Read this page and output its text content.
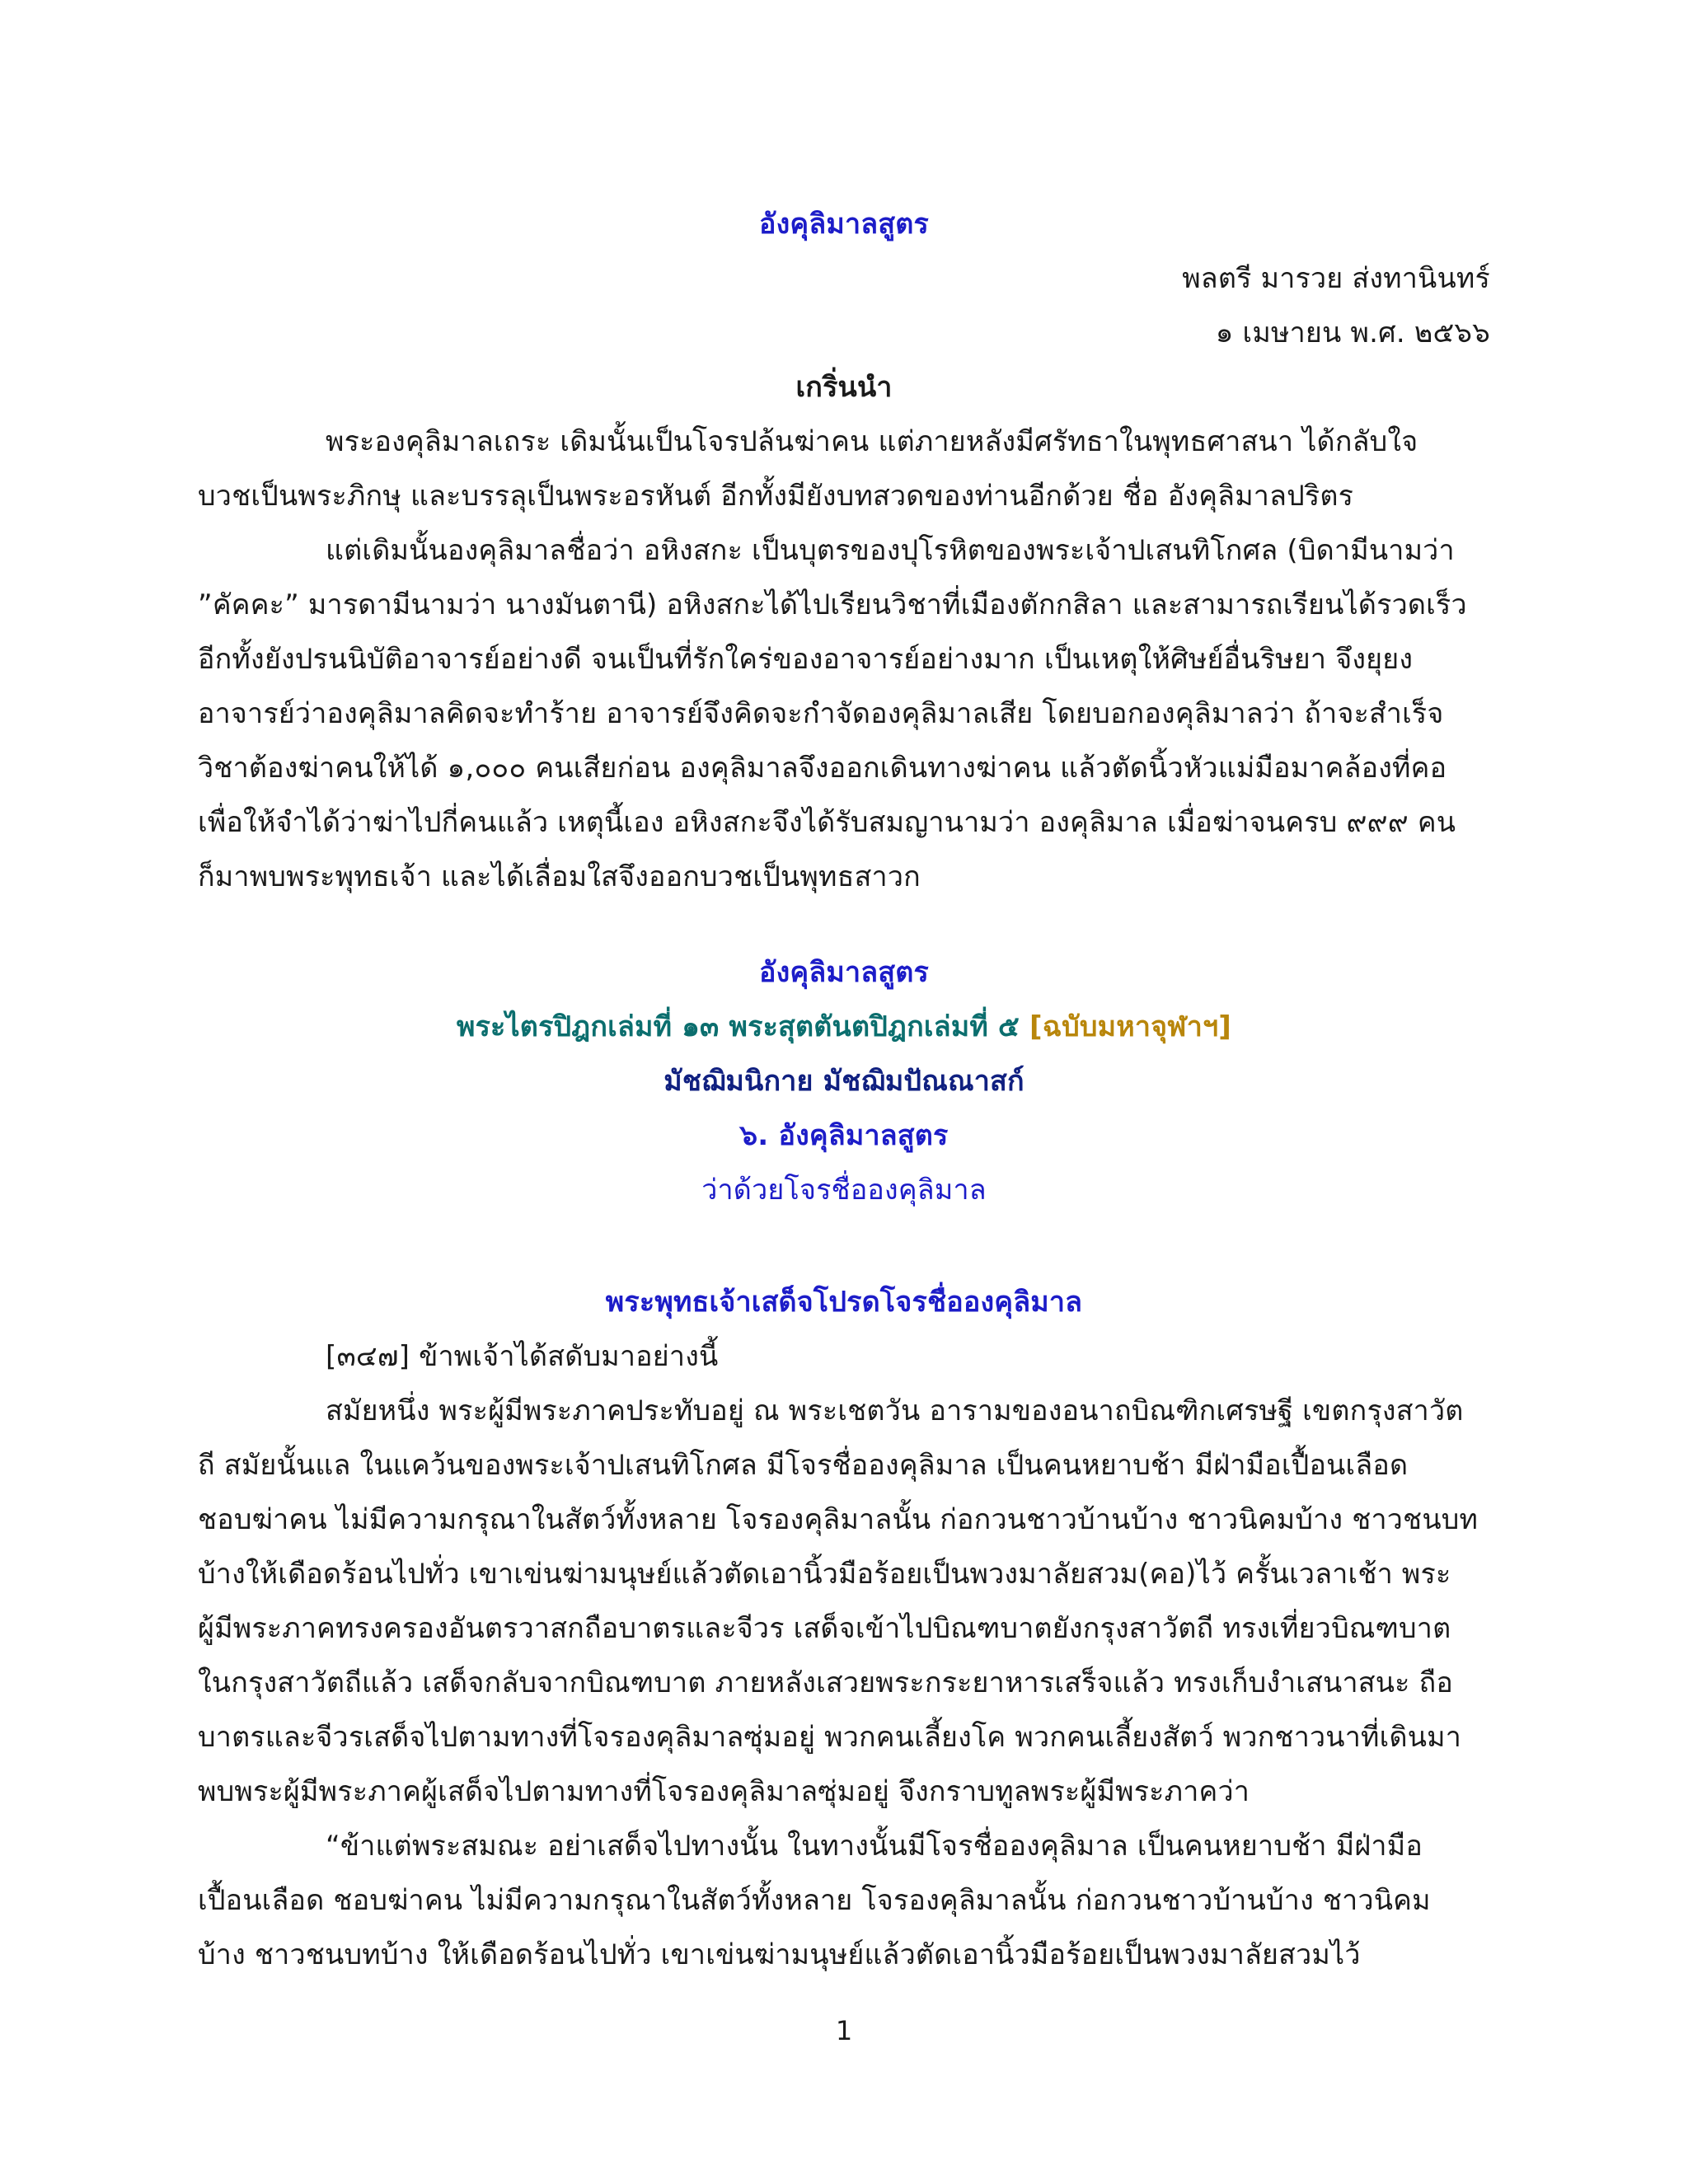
อังคุลิมาลสูตร
พลตรี มารวย ส่งทานินทร์
๑ เมษายน พ.ศ. ๒๕๖๖
เกริ่นนำ
พระองคุลิมาลเถระ เดิมนั้นเป็นโจรปล้นฆ่าคน แต่ภายหลังมีศรัทธาในพุทธศาสนา ได้กลับใจ
บวชเป็นพระภิกษุ และบรรลุเป็นพระอรหันต์ อีกทั้งมียังบทสวดของท่านอีกด้วย ชื่อ อังคุลิมาลปริตร
แต่เดิมนั้นองคุลิมาลชื่อว่า อหิงสกะ เป็นบุตรของปุโรหิตของพระเจ้าปเสนทิโกศล (บิดามีนามว่า
”คัคคะ” มารดามีนามว่า นางมันตานี) อหิงสกะได้ไปเรียนวิชาที่เมืองตักกสิลา และสามารถเรียนได้รวดเร็ว
อีกทั้งยังปรนนิบัติอาจารย์อย่างดี จนเป็นที่รักใคร่ของอาจารย์อย่างมาก เป็นเหตุให้ศิษย์อื่นริษยา จึงยุยง
อาจารย์ว่าองคุลิมาลคิดจะทำร้าย อาจารย์จึงคิดจะกำจัดองคุลิมาลเสีย โดยบอกองคุลิมาลว่า ถ้าจะสำเร็จ
วิชาต้องฆ่าคนให้ได้ ๑,๐๐๐ คนเสียก่อน องคุลิมาลจึงออกเดินทางฆ่าคน แล้วตัดนิ้วหัวแม่มือมาคล้องที่คอ
เพื่อให้จำได้ว่าฆ่าไปกี่คนแล้ว เหตุนี้เอง อหิงสกะจึงได้รับสมญานามว่า องคุลิมาล เมื่อฆ่าจนครบ ๙๙๙ คน
ก็มาพบพระพุทธเจ้า และได้เลื่อมใสจึงออกบวชเป็นพุทธสาวก
อังคุลิมาลสูตร
พระไตรปิฎกเล่มที่ ๑๓ พระสุตตันตปิฎกเล่มที่ ๕ [ฉบับมหาจุฬาฯ]
มัชฌิมนิกาย มัชฌิมปัณณาสก์
๖. อังคุลิมาลสูตร
ว่าด้วยโจรชื่อองคุลิมาล
พระพุทธเจ้าเสด็จโปรดโจรชื่อองคุลิมาล
[๓๔๗] ข้าพเจ้าได้สดับมาอย่างนี้
สมัยหนึ่ง พระผู้มีพระภาคประทับอยู่ ณ พระเชตวัน อารามของอนาถบิณฑิกเศรษฐี เขตกรุงสาวัต
ถี สมัยนั้นแล ในแคว้นของพระเจ้าปเสนทิโกศล มีโจรชื่อองคุลิมาล เป็นคนหยาบช้า มีฝ่ามือเปื้อนเลือด
ชอบฆ่าคน ไม่มีความกรุณาในสัตว์ทั้งหลาย โจรองคุลิมาลนั้น ก่อกวนชาวบ้านบ้าง ชาวนิคมบ้าง ชาวชนบท
บ้างให้เดือดร้อนไปทั่ว เขาเข่นฆ่ามนุษย์แล้วตัดเอานิ้วมือร้อยเป็นพวงมาลัยสวม(คอ)ไว้ ครั้นเวลาเช้า พระ
ผู้มีพระภาคทรงครองอันตรวาสกถือบาตรและจีวร เสด็จเข้าไปบิณฑบาตยังกรุงสาวัตถี ทรงเที่ยวบิณฑบาต
ในกรุงสาวัตถีแล้ว เสด็จกลับจากบิณฑบาต ภายหลังเสวยพระกระยาหารเสร็จแล้ว ทรงเก็บงำเสนาสนะ ถือ
บาตรและจีวรเสด็จไปตามทางที่โจรองคุลิมาลซุ่มอยู่ พวกคนเลี้ยงโค พวกคนเลี้ยงสัตว์ พวกชาวนาที่เดินมา
พบพระผู้มีพระภาคผู้เสด็จไปตามทางที่โจรองคุลิมาลซุ่มอยู่ จึงกราบทูลพระผู้มีพระภาคว่า
“ข้าแต่พระสมณะ อย่าเสด็จไปทางนั้น ในทางนั้นมีโจรชื่อองคุลิมาล เป็นคนหยาบช้า มีฝ่ามือ
เปื้อนเลือด ชอบฆ่าคน ไม่มีความกรุณาในสัตว์ทั้งหลาย โจรองคุลิมาลนั้น ก่อกวนชาวบ้านบ้าง ชาวนิคม
บ้าง ชาวชนบทบ้าง ให้เดือดร้อนไปทั่ว เขาเข่นฆ่ามนุษย์แล้วตัดเอานิ้วมือร้อยเป็นพวงมาลัยสวมไว้
1
